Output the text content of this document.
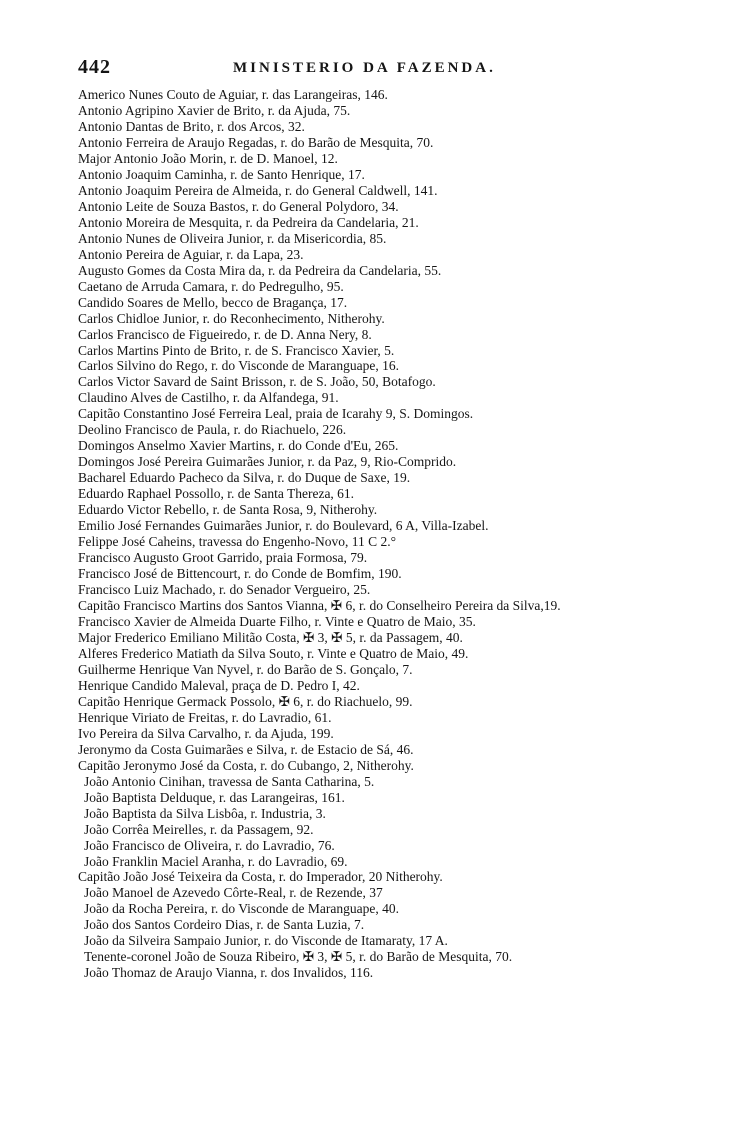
442	MINISTERIO DA FAZENDA.
Americo Nunes Couto de Aguiar, r. das Larangeiras, 146.
Antonio Agripino Xavier de Brito, r. da Ajuda, 75.
Antonio Dantas de Brito, r. dos Arcos, 32.
Antonio Ferreira de Araujo Regadas, r. do Barão de Mesquita, 70.
Major Antonio João Morin, r. de D. Manoel, 12.
Antonio Joaquim Caminha, r. de Santo Henrique, 17.
Antonio Joaquim Pereira de Almeida, r. do General Caldwell, 141.
Antonio Leite de Souza Bastos, r. do General Polydoro, 34.
Antonio Moreira de Mesquita, r. da Pedreira da Candelaria, 21.
Antonio Nunes de Oliveira Junior, r. da Misericordia, 85.
Antonio Pereira de Aguiar, r. da Lapa, 23.
Augusto Gomes da Costa Mira da, r. da Pedreira da Candelaria, 55.
Caetano de Arruda Camara, r. do Pedregulho, 95.
Candido Soares de Mello, becco de Bragança, 17.
Carlos Chidloe Junior, r. do Reconhecimento, Nitherohy.
Carlos Francisco de Figueiredo, r. de D. Anna Nery, 8.
Carlos Martins Pinto de Brito, r. de S. Francisco Xavier, 5.
Carlos Silvino do Rego, r. do Visconde de Maranguape, 16.
Carlos Victor Savard de Saint Brisson, r. de S. João, 50, Botafogo.
Claudino Alves de Castilho, r. da Alfandega, 91.
Capitão Constantino José Ferreira Leal, praia de Icarahy 9, S. Domingos.
Deolino Francisco de Paula, r. do Riachuelo, 226.
Domingos Anselmo Xavier Martins, r. do Conde d'Eu, 265.
Domingos José Pereira Guimarães Junior, r. da Paz, 9, Rio-Comprido.
Bacharel Eduardo Pacheco da Silva, r. do Duque de Saxe, 19.
Eduardo Raphael Possollo, r. de Santa Thereza, 61.
Eduardo Victor Rebello, r. de Santa Rosa, 9, Nitherohy.
Emilio José Fernandes Guimarães Junior, r. do Boulevard, 6 A, Villa-Izabel.
Felippe José Caheins, travessa do Engenho-Novo, 11 C 2.°
Francisco Augusto Groot Garrido, praia Formosa, 79.
Francisco José de Bittencourt, r. do Conde de Bomfim, 190.
Francisco Luiz Machado, r. do Senador Vergueiro, 25.
Capitão Francisco Martins dos Santos Vianna, ✠ 6, r. do Conselheiro Pereira da Silva,19.
Francisco Xavier de Almeida Duarte Filho, r. Vinte e Quatro de Maio, 35.
Major Frederico Emiliano Militão Costa, ✠ 3, ✠ 5, r. da Passagem, 40.
Alferes Frederico Matiath da Silva Souto, r. Vinte e Quatro de Maio, 49.
Guilherme Henrique Van Nyvel, r. do Barão de S. Gonçalo, 7.
Henrique Candido Maleval, praça de D. Pedro I, 42.
Capitão Henrique Germack Possolo, ✠ 6, r. do Riachuelo, 99.
Henrique Viriato de Freitas, r. do Lavradio, 61.
Ivo Pereira da Silva Carvalho, r. da Ajuda, 199.
Jeronymo da Costa Guimarães e Silva, r. de Estacio de Sá, 46.
Capitão Jeronymo José da Costa, r. do Cubango, 2, Nitherohy.
João Antonio Cinihan, travessa de Santa Catharina, 5.
João Baptista Delduque, r. das Larangeiras, 161.
João Baptista da Silva Lisbôa, r. Industria, 3.
João Corrêa Meirelles, r. da Passagem, 92.
João Francisco de Oliveira, r. do Lavradio, 76.
João Franklin Maciel Aranha, r. do Lavradio, 69.
Capitão João José Teixeira da Costa, r. do Imperador, 20 Nitherohy.
João Manoel de Azevedo Côrte-Real, r. de Rezende, 37
João da Rocha Pereira, r. do Visconde de Maranguape, 40.
João dos Santos Cordeiro Dias, r. de Santa Luzia, 7.
João da Silveira Sampaio Junior, r. do Visconde de Itamaraty, 17 A.
Tenente-coronel João de Souza Ribeiro, ✠ 3, ✠ 5, r. do Barão de Mesquita, 70.
João Thomaz de Araujo Vianna, r. dos Invalidos, 116.
